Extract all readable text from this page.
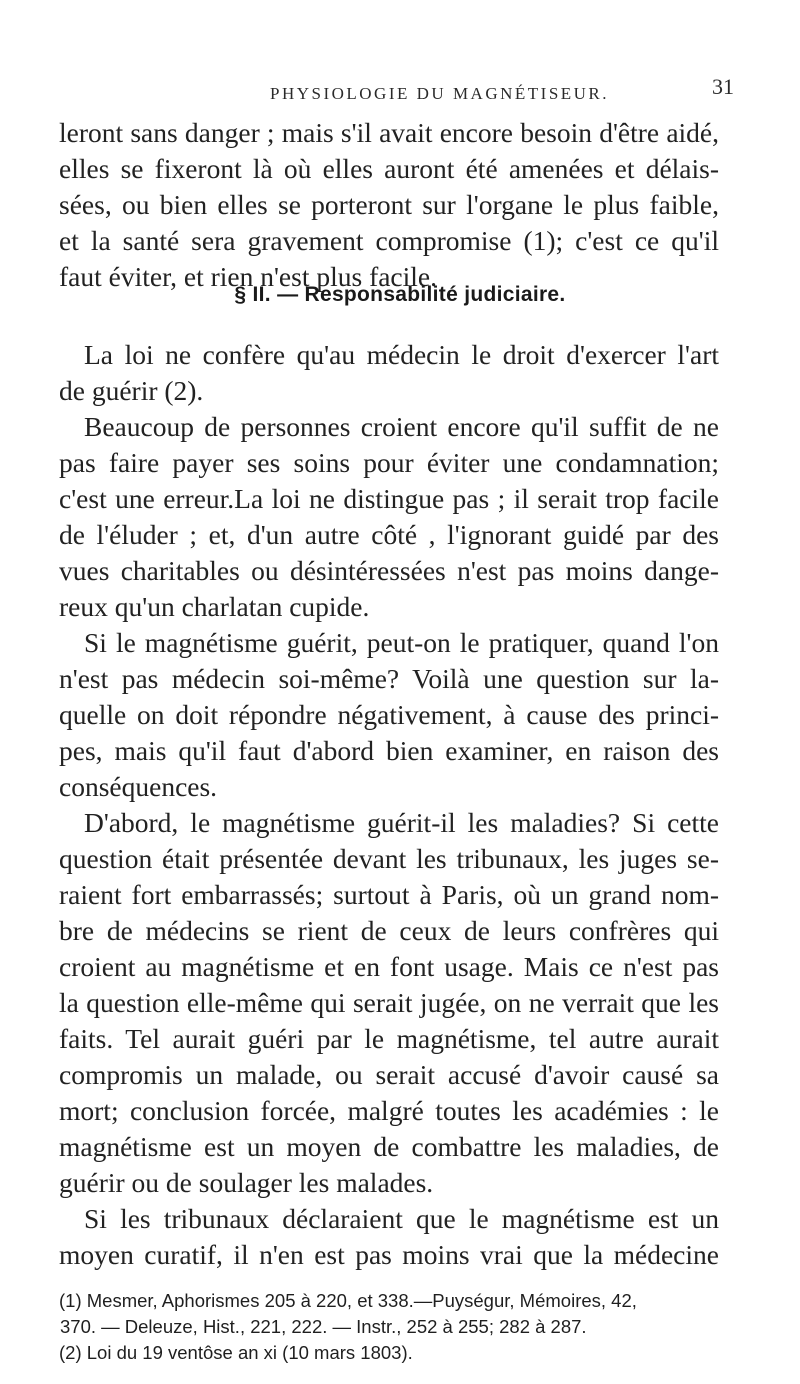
PHYSIOLOGIE DU MAGNÉTISEUR.	31
leront sans danger ; mais s'il avait encore besoin d'être aidé,
elles se fixeront là où elles auront été amenées et délais-
sées, ou bien elles se porteront sur l'organe le plus faible,
et la santé sera gravement compromise (1); c'est ce qu'il
faut éviter, et rien n'est plus facile.
§ II. — Responsabilité judiciaire.
La loi ne confère qu'au médecin le droit d'exercer l'art
de guérir (2).
Beaucoup de personnes croient encore qu'il suffit de ne
pas faire payer ses soins pour éviter une condamnation;
c'est une erreur.La loi ne distingue pas ; il serait trop facile
de l'éluder ; et, d'un autre côté , l'ignorant guidé par des
vues charitables ou désintéressées n'est pas moins dange-
reux qu'un charlatan cupide.
Si le magnétisme guérit, peut-on le pratiquer, quand l'on
n'est pas médecin soi-même? Voilà une question sur la-
quelle on doit répondre négativement, à cause des princi-
pes, mais qu'il faut d'abord bien examiner, en raison des
conséquences.
D'abord, le magnétisme guérit-il les maladies? Si cette
question était présentée devant les tribunaux, les juges se-
raient fort embarrassés; surtout à Paris, où un grand nom-
bre de médecins se rient de ceux de leurs confrères qui
croient au magnétisme et en font usage. Mais ce n'est pas
la question elle-même qui serait jugée, on ne verrait que les
faits. Tel aurait guéri par le magnétisme, tel autre aurait
compromis un malade, ou serait accusé d'avoir causé sa
mort; conclusion forcée, malgré toutes les académies : le
magnétisme est un moyen de combattre les maladies, de
guérir ou de soulager les malades.
Si les tribunaux déclaraient que le magnétisme est un
moyen curatif, il n'en est pas moins vrai que la médecine
(1) Mesmer, Aphorismes 205 à 220, et 338.—Puységur, Mémoires, 42,
370. — Deleuze, Hist., 221, 222. — Instr., 252 à 255; 282 à 287.
(2) Loi du 19 ventôse an xi (10 mars 1803).
